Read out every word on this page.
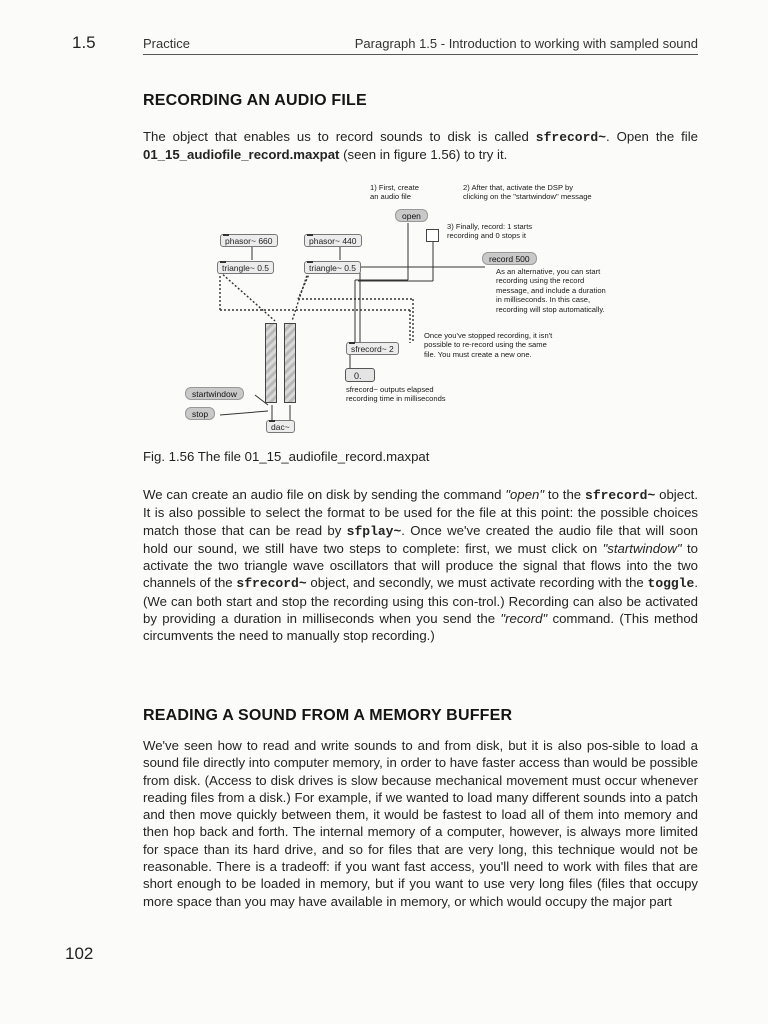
1.5	Practice	Paragraph 1.5 - Introduction to working with sampled sound
RECORDING AN AUDIO FILE

The object that enables us to record sounds to disk is called sfrecord~. Open the file 01_15_audiofile_record.maxpat (seen in figure 1.56) to try it.

1) First, create
an audio file
2) After that, activate the DSP by
clicking on the "startwindow" message
open
3) Finally, record: 1 starts
recording and 0 stops it
phasor~ 660	phasor~ 440
triangle~ 0.5	triangle~ 0.5
record 500
As an alternative, you can start
recording using the record
message, and include a duration
in milliseconds. In this case,
recording will stop automatically.
Once you've stopped recording, it isn't
possible to re-record using the same
file. You must create a new one.
sfrecord~ 2
0.
sfrecord~ outputs elapsed
recording time in milliseconds
startwindow
stop
dac~
Fig. 1.56 The file 01_15_audiofile_record.maxpat

We can create an audio file on disk by sending the command "open" to the sfrecord~ object. It is also possible to select the format to be used for the file at this point: the possible choices match those that can be read by sfplay~. Once we've created the audio file that will soon hold our sound, we still have two steps to complete: first, we must click on "startwindow" to activate the two triangle wave oscillators that will produce the signal that flows into the two channels of the sfrecord~ object, and secondly, we must activate recording with the toggle. (We can both start and stop the recording using this con-trol.) Recording can also be activated by providing a duration in milliseconds when you send the "record" command. (This method circumvents the need to manually stop recording.)

READING A SOUND FROM A MEMORY BUFFER

We've seen how to read and write sounds to and from disk, but it is also pos-sible to load a sound file directly into computer memory, in order to have faster access than would be possible from disk. (Access to disk drives is slow because mechanical movement must occur whenever reading files from a disk.) For example, if we wanted to load many different sounds into a patch and then move quickly between them, it would be fastest to load all of them into memory and then hop back and forth. The internal memory of a computer, however, is always more limited for space than its hard drive, and so for files that are very long, this technique would not be reasonable. There is a tradeoff: if you want fast access, you'll need to work with files that are short enough to be loaded in memory, but if you want to use very long files (files that occupy more space than you may have available in memory, or which would occupy the major part

102
